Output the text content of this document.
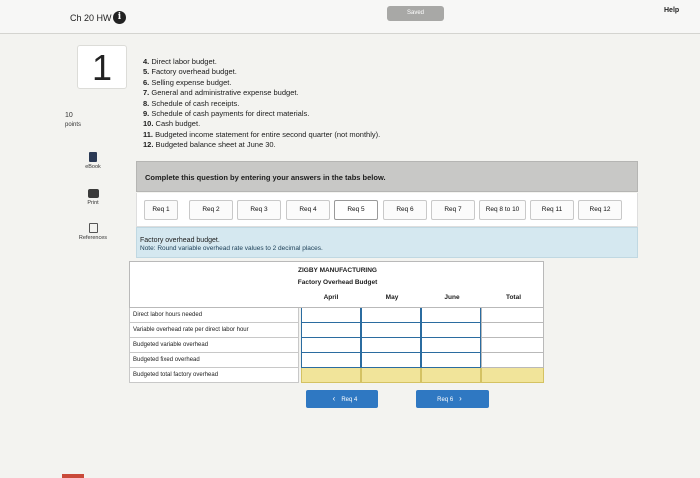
Ch 20 HW i	Saved	Help
1
10
points
eBook
Print
References
4. Direct labor budget.
5. Factory overhead budget.
6. Selling expense budget.
7. General and administrative expense budget.
8. Schedule of cash receipts.
9. Schedule of cash payments for direct materials.
10. Cash budget.
11. Budgeted income statement for entire second quarter (not monthly).
12. Budgeted balance sheet at June 30.
Complete this question by entering your answers in the tabs below.
Req 1	Req 2	Req 3	Req 4	Req 5	Req 6	Req 7	Req 8 to 10	Req 11	Req 12
Factory overhead budget.
Note: Round variable overhead rate values to 2 decimal places.
ZIGBY MANUFACTURING
Factory Overhead Budget
April	May	June	Total
Direct labor hours needed
Variable overhead rate per direct labor hour
Budgeted variable overhead
Budgeted fixed overhead
Budgeted total factory overhead
‹ Req 4	Req 6 ›
